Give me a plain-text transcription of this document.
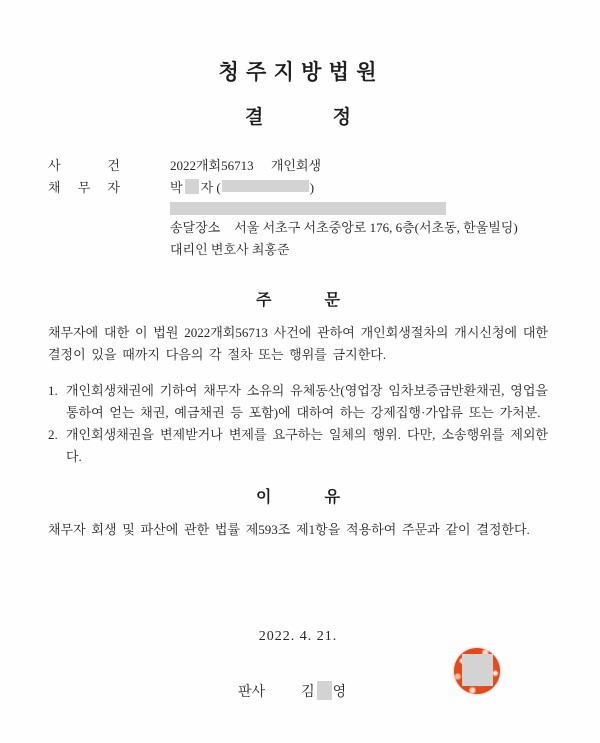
청 주 지 방 법 원
결 정
사 건	2022개회56713 개인회생
채 무 자	박 자 (	)
송달장소 서울 서초구 서초중앙로 176, 6층(서초동, 한울빌딩)
대리인 변호사 최홍준
주 문

채무자에 대한 이 법원 2022개회56713 사건에 관하여 개인회생절차의 개시신청에 대한 결정이 있을 때까지 다음의 각 절차 또는 행위를 금지한다.

1. 개인회생채권에 기하여 채무자 소유의 유체동산(영업장 임차보증금반환채권, 영업을 통하여 얻는 채권, 예금채권 등 포함)에 대하여 하는 강제집행·가압류 또는 가처분.
2. 개인회생채권을 변제받거나 변제를 요구하는 일체의 행위. 다만, 소송행위를 제외한다.
이 유

채무자 회생 및 파산에 관한 법률 제593조 제1항을 적용하여 주문과 같이 결정한다.

2022. 4. 21.
판사	김 영
